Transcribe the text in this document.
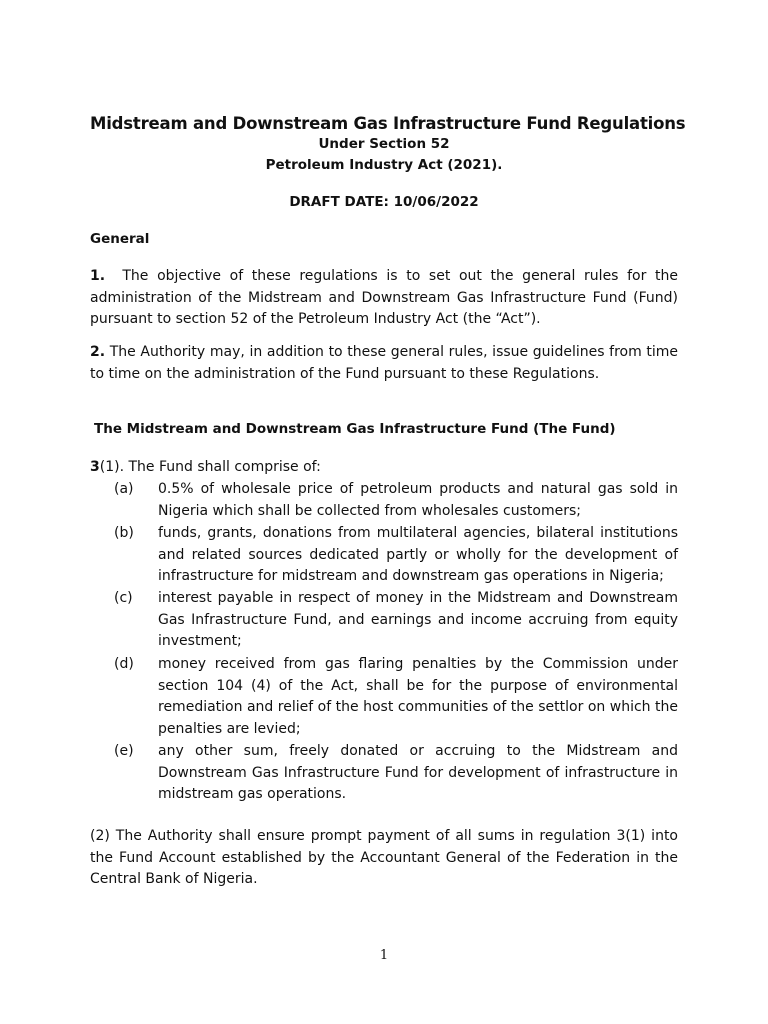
Midstream and Downstream Gas Infrastructure Fund Regulations
Under Section 52
Petroleum Industry Act (2021).
DRAFT DATE: 10/06/2022
General
1. The objective of these regulations is to set out the general rules for the administration of the Midstream and Downstream Gas Infrastructure Fund (Fund) pursuant to section 52 of the Petroleum Industry Act (the “Act”).
2. The Authority may, in addition to these general rules, issue guidelines from time to time on the administration of the Fund pursuant to these Regulations.
The Midstream and Downstream Gas Infrastructure Fund (The Fund)
3(1). The Fund shall comprise of:
(a) 0.5% of wholesale price of petroleum products and natural gas sold in Nigeria which shall be collected from wholesales customers;
(b) funds, grants, donations from multilateral agencies, bilateral institutions and related sources dedicated partly or wholly for the development of infrastructure for midstream and downstream gas operations in Nigeria;
(c) interest payable in respect of money in the Midstream and Downstream Gas Infrastructure Fund, and earnings and income accruing from equity investment;
(d) money received from gas flaring penalties by the Commission under section 104 (4) of the Act, shall be for the purpose of environmental remediation and relief of the host communities of the settlor on which the penalties are levied;
(e) any other sum, freely donated or accruing to the Midstream and Downstream Gas Infrastructure Fund for development of infrastructure in midstream gas operations.
(2) The Authority shall ensure prompt payment of all sums in regulation 3(1) into the Fund Account established by the Accountant General of the Federation in the Central Bank of Nigeria.
1
